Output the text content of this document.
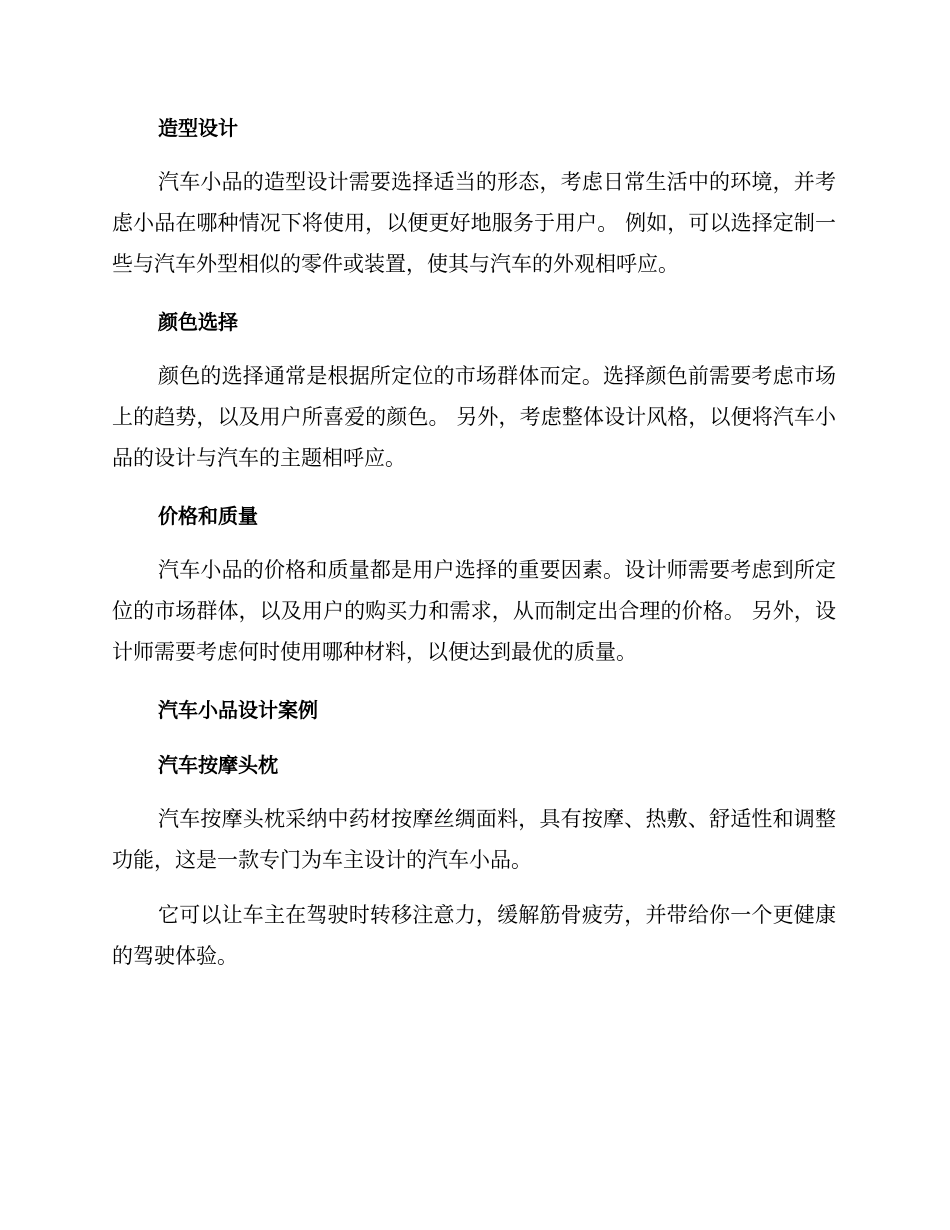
造型设计

汽车小品的造型设计需要选择适当的形态，考虑日常生活中的环境，并考虑小品在哪种情况下将使用，以便更好地服务于用户。 例如，可以选择定制一些与汽车外型相似的零件或装置，使其与汽车的外观相呼应。

颜色选择

颜色的选择通常是根据所定位的市场群体而定。选择颜色前需要考虑市场上的趋势，以及用户所喜爱的颜色。 另外，考虑整体设计风格，以便将汽车小品的设计与汽车的主题相呼应。

价格和质量

汽车小品的价格和质量都是用户选择的重要因素。设计师需要考虑到所定位的市场群体，以及用户的购买力和需求，从而制定出合理的价格。 另外，设计师需要考虑何时使用哪种材料，以便达到最优的质量。

汽车小品设计案例
汽车按摩头枕

汽车按摩头枕采纳中药材按摩丝绸面料，具有按摩、热敷、舒适性和调整功能，这是一款专门为车主设计的汽车小品。

它可以让车主在驾驶时转移注意力，缓解筋骨疲劳，并带给你一个更健康的驾驶体验。
